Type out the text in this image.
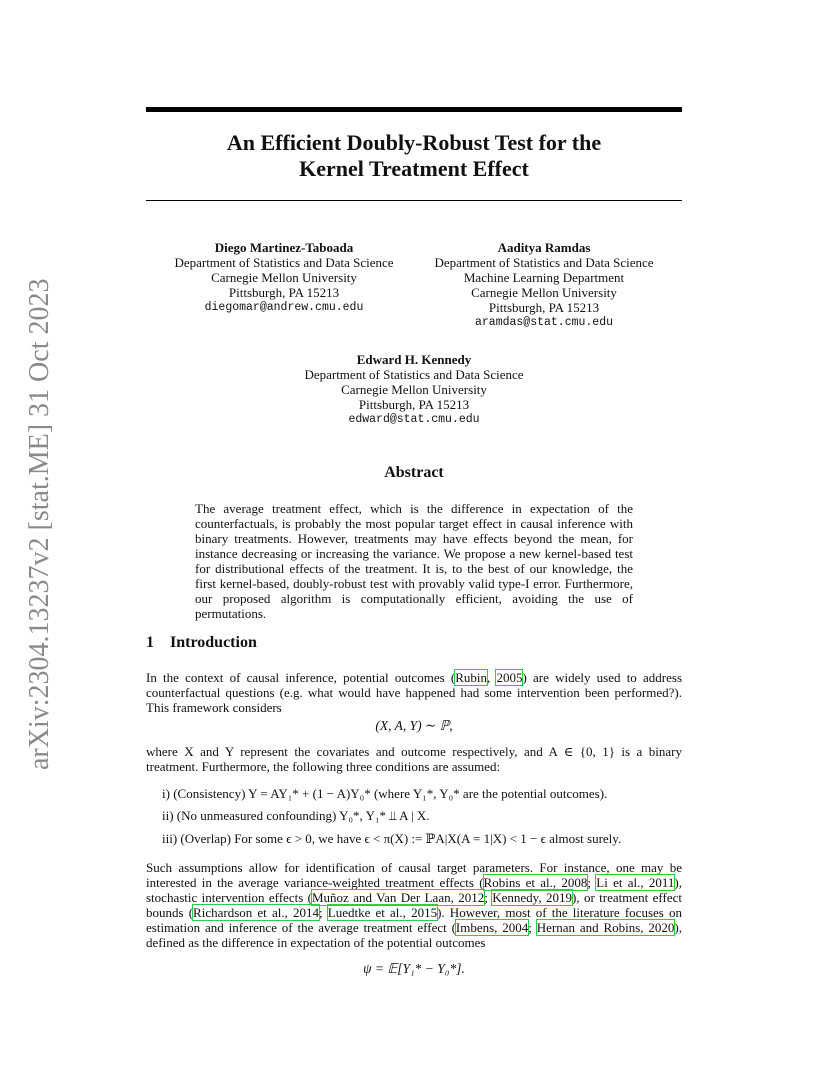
arXiv:2304.13237v2 [stat.ME] 31 Oct 2023
An Efficient Doubly-Robust Test for the
Kernel Treatment Effect
Diego Martinez-Taboada
Department of Statistics and Data Science
Carnegie Mellon University
Pittsburgh, PA 15213
diegomar@andrew.cmu.edu
Aaditya Ramdas
Department of Statistics and Data Science
Machine Learning Department
Carnegie Mellon University
Pittsburgh, PA 15213
aramdas@stat.cmu.edu
Edward H. Kennedy
Department of Statistics and Data Science
Carnegie Mellon University
Pittsburgh, PA 15213
edward@stat.cmu.edu
Abstract
The average treatment effect, which is the difference in expectation of the counterfactuals, is probably the most popular target effect in causal inference with binary treatments. However, treatments may have effects beyond the mean, for instance decreasing or increasing the variance. We propose a new kernel-based test for distributional effects of the treatment. It is, to the best of our knowledge, the first kernel-based, doubly-robust test with provably valid type-I error. Furthermore, our proposed algorithm is computationally efficient, avoiding the use of permutations.
1 Introduction
In the context of causal inference, potential outcomes (Rubin, 2005) are widely used to address counterfactual questions (e.g. what would have happened had some intervention been performed?). This framework considers
(X, A, Y) ∼ ℙ,
where X and Y represent the covariates and outcome respectively, and A ∈ {0, 1} is a binary treatment. Furthermore, the following three conditions are assumed:
i) (Consistency) Y = AY₁* + (1 − A)Y₀* (where Y₁*, Y₀* are the potential outcomes).
ii) (No unmeasured confounding) Y₀*, Y₁* ⫫ A | X.
iii) (Overlap) For some ϵ > 0, we have ϵ < π(X) := ℙA|X(A = 1|X) < 1 − ϵ almost surely.
Such assumptions allow for identification of causal target parameters. For instance, one may be interested in the average variance-weighted treatment effects (Robins et al., 2008; Li et al., 2011), stochastic intervention effects (Muñoz and Van Der Laan, 2012; Kennedy, 2019), or treatment effect bounds (Richardson et al., 2014; Luedtke et al., 2015). However, most of the literature focuses on estimation and inference of the average treatment effect (Imbens, 2004; Hernan and Robins, 2020), defined as the difference in expectation of the potential outcomes
ψ = 𝔼[Y₁* − Y₀*].
